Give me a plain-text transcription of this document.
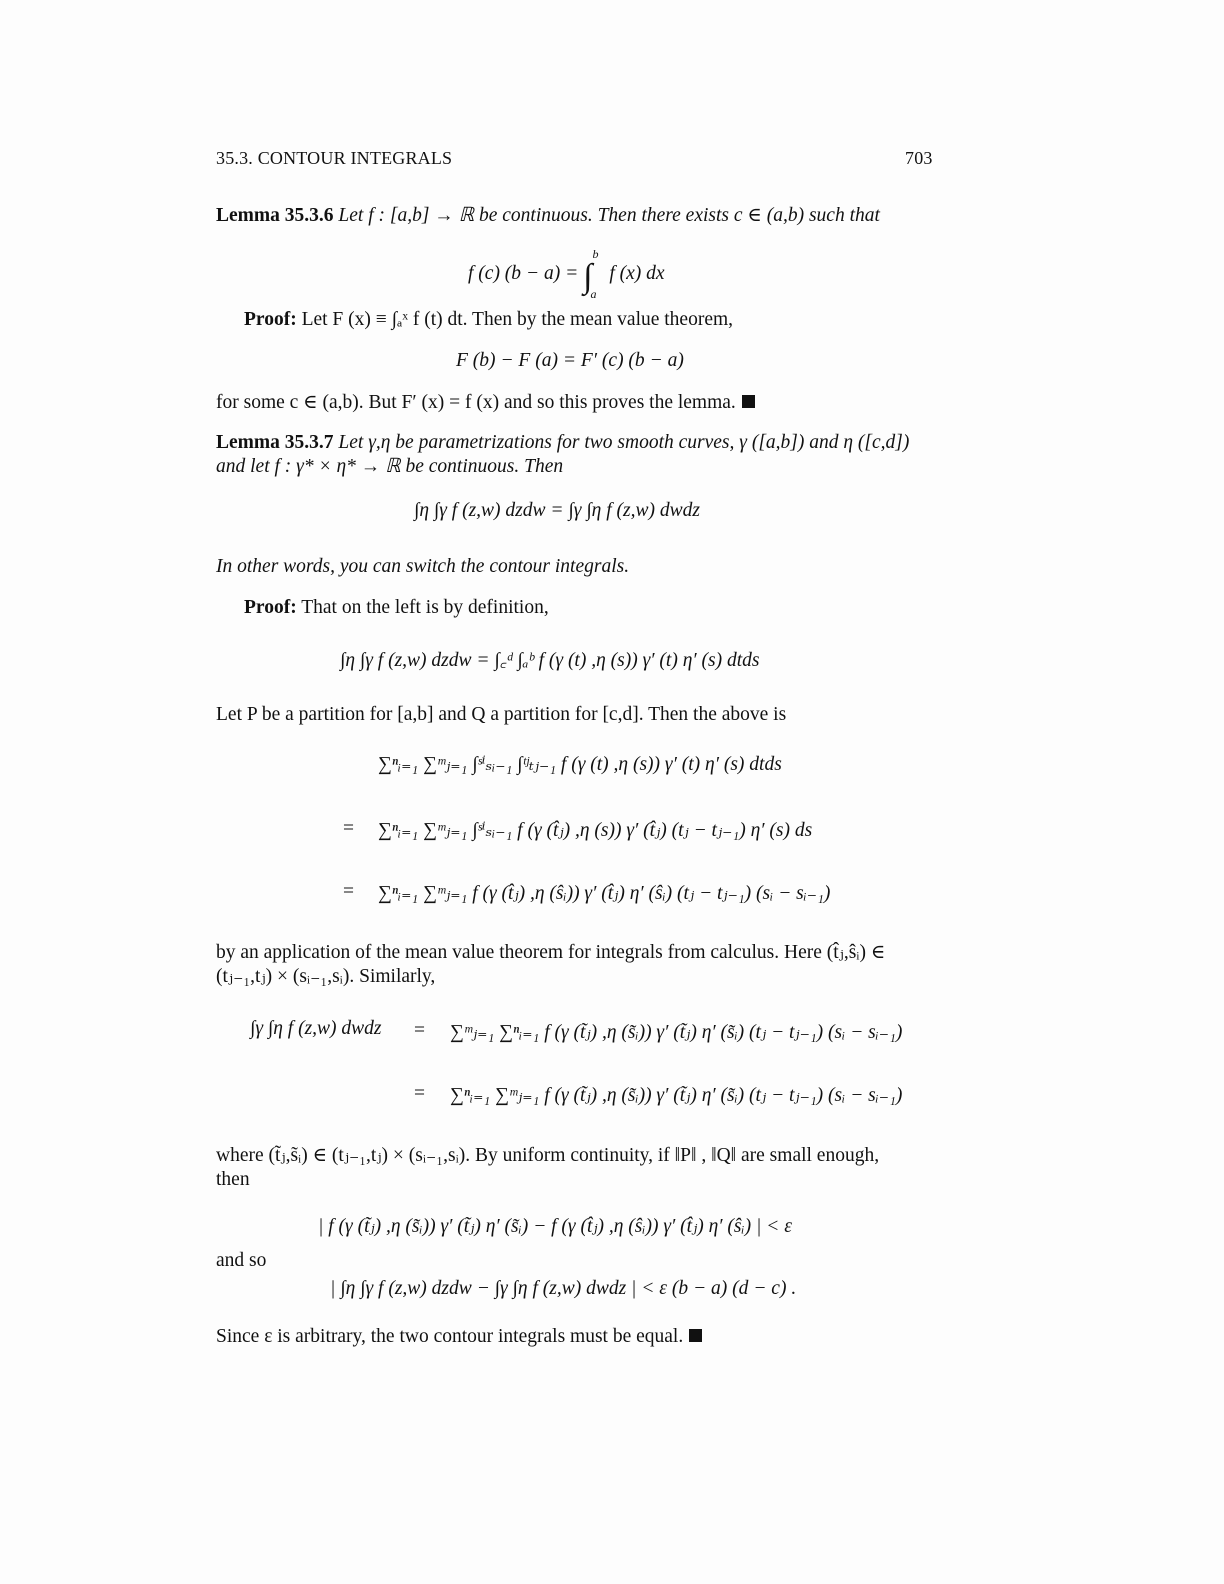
35.3. CONTOUR INTEGRALS	703
Lemma 35.3.6 Let f : [a,b] → ℝ be continuous. Then there exists c ∈ (a,b) such that
f (c) (b − a) = ∫$^b_a$ f (x) dx
Proof: Let F (x) ≡ ∫ₐˣ f (t) dt. Then by the mean value theorem,
F (b) − F (a) = F′ (c) (b − a)
for some c ∈ (a,b). But F′ (x) = f (x) and so this proves the lemma.
Lemma 35.3.7 Let γ,η be parametrizations for two smooth curves, γ ([a,b]) and η ([c,d])
and let f : γ* × η* → ℝ be continuous. Then
∫η ∫γ f (z,w) dzdw = ∫γ ∫η f (z,w) dwdz
In other words, you can switch the contour integrals.
Proof: That on the left is by definition,
∫η ∫γ f (z,w) dzdw = ∫꜀ᵈ ∫ₐᵇ f (γ (t) ,η (s)) γ′ (t) η′ (s) dtds
Let P be a partition for [a,b] and Q a partition for [c,d]. Then the above is
∑ⁿᵢ₌₁ ∑ᵐⱼ₌₁ ∫ˢⁱₛᵢ₋₁ ∫ᵗʲₜⱼ₋₁ f (γ (t) ,η (s)) γ′ (t) η′ (s) dtds
= ∑ⁿᵢ₌₁ ∑ᵐⱼ₌₁ ∫ˢⁱₛᵢ₋₁ f (γ (t̂ⱼ) ,η (s)) γ′ (t̂ⱼ) (tⱼ − tⱼ₋₁) η′ (s) ds
= ∑ⁿᵢ₌₁ ∑ᵐⱼ₌₁ f (γ (t̂ⱼ) ,η (ŝᵢ)) γ′ (t̂ⱼ) η′ (ŝᵢ) (tⱼ − tⱼ₋₁) (sᵢ − sᵢ₋₁)
by an application of the mean value theorem for integrals from calculus. Here (t̂ⱼ,ŝᵢ) ∈
(tⱼ₋₁,tⱼ) × (sᵢ₋₁,sᵢ). Similarly,
∫γ ∫η f (z,w) dwdz = ∑ᵐⱼ₌₁ ∑ⁿᵢ₌₁ f (γ (t̃ⱼ) ,η (s̃ᵢ)) γ′ (t̃ⱼ) η′ (s̃ᵢ) (tⱼ − tⱼ₋₁) (sᵢ − sᵢ₋₁)
= ∑ⁿᵢ₌₁ ∑ᵐⱼ₌₁ f (γ (t̃ⱼ) ,η (s̃ᵢ)) γ′ (t̃ⱼ) η′ (s̃ᵢ) (tⱼ − tⱼ₋₁) (sᵢ − sᵢ₋₁)
where (t̃ⱼ,s̃ᵢ) ∈ (tⱼ₋₁,tⱼ) × (sᵢ₋₁,sᵢ). By uniform continuity, if ‖P‖ , ‖Q‖ are small enough,
then
| f (γ (t̃ⱼ) ,η (s̃ᵢ)) γ′ (t̃ⱼ) η′ (s̃ᵢ) − f (γ (t̂ⱼ) ,η (ŝᵢ)) γ′ (t̂ⱼ) η′ (ŝᵢ) | < ε
and so
| ∫η ∫γ f (z,w) dzdw − ∫γ ∫η f (z,w) dwdz | < ε (b − a) (d − c) .
Since ε is arbitrary, the two contour integrals must be equal.
